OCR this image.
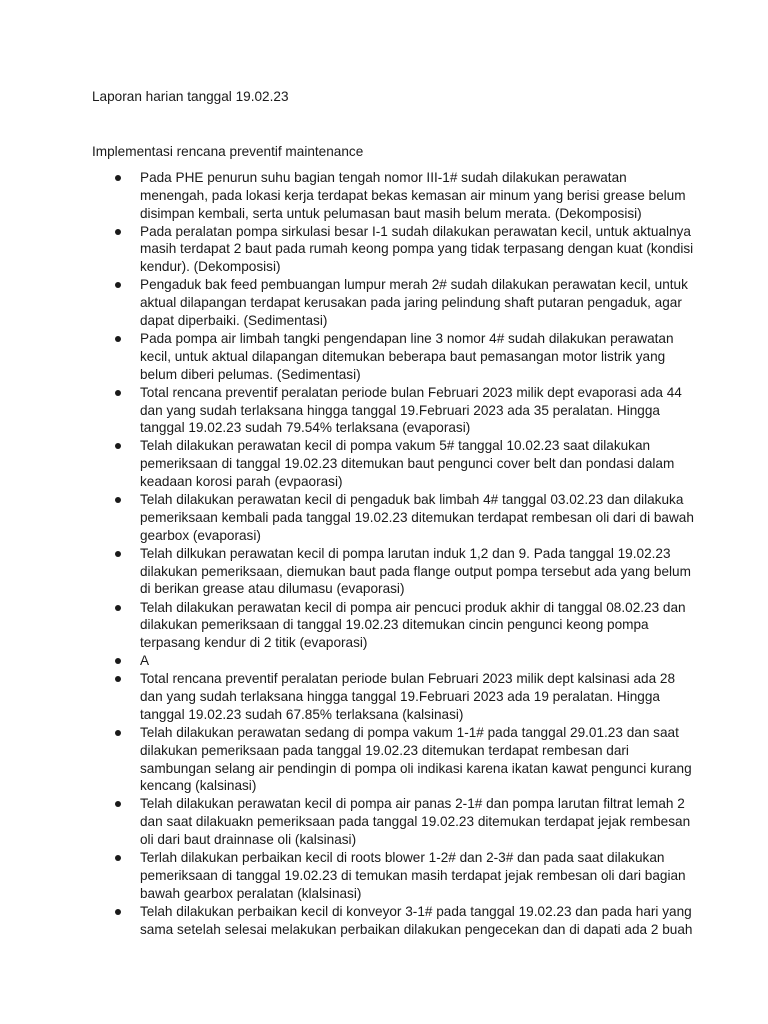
Laporan harian tanggal 19.02.23
Implementasi rencana preventif maintenance
Pada PHE penurun suhu bagian tengah nomor III-1# sudah dilakukan perawatan menengah, pada lokasi kerja terdapat bekas kemasan air minum yang berisi grease belum disimpan kembali, serta untuk pelumasan baut masih belum merata. (Dekomposisi)
Pada peralatan pompa sirkulasi besar I-1 sudah dilakukan perawatan kecil, untuk aktualnya masih terdapat 2 baut pada rumah keong pompa yang tidak terpasang dengan kuat (kondisi kendur). (Dekomposisi)
Pengaduk bak feed pembuangan lumpur merah 2# sudah dilakukan perawatan kecil, untuk aktual dilapangan terdapat kerusakan pada jaring pelindung shaft putaran pengaduk, agar dapat diperbaiki. (Sedimentasi)
Pada pompa air limbah tangki pengendapan line 3 nomor 4# sudah dilakukan perawatan kecil, untuk aktual dilapangan ditemukan beberapa baut pemasangan motor listrik yang belum diberi pelumas. (Sedimentasi)
Total rencana preventif peralatan periode bulan Februari 2023 milik dept evaporasi ada 44 dan yang sudah terlaksana hingga tanggal 19.Februari 2023 ada 35 peralatan. Hingga tanggal 19.02.23 sudah 79.54% terlaksana (evaporasi)
Telah dilakukan perawatan kecil di pompa vakum 5# tanggal 10.02.23 saat dilakukan pemeriksaan di tanggal 19.02.23 ditemukan baut pengunci cover belt dan pondasi dalam keadaan korosi parah (evpaorasi)
Telah dilakukan perawatan kecil di pengaduk bak limbah 4# tanggal 03.02.23 dan dilakuka pemeriksaan kembali pada tanggal 19.02.23 ditemukan terdapat rembesan oli dari di bawah gearbox (evaporasi)
Telah dilkukan perawatan kecil di pompa larutan induk 1,2 dan 9. Pada tanggal 19.02.23 dilakukan pemeriksaan, diemukan baut pada flange output pompa tersebut ada yang belum di berikan grease atau dilumasu (evaporasi)
Telah dilakukan perawatan kecil di pompa air pencuci produk akhir di tanggal 08.02.23 dan dilakukan pemeriksaan di tanggal 19.02.23 ditemukan cincin pengunci keong pompa terpasang kendur di 2 titik (evaporasi)
A
Total rencana preventif peralatan periode bulan Februari 2023 milik dept kalsinasi ada 28 dan yang sudah terlaksana hingga tanggal 19.Februari 2023 ada 19 peralatan. Hingga tanggal 19.02.23 sudah 67.85% terlaksana (kalsinasi)
Telah dilakukan perawatan sedang di pompa vakum 1-1# pada tanggal 29.01.23 dan saat dilakukan pemeriksaan pada tanggal 19.02.23 ditemukan terdapat rembesan dari sambungan selang air pendingin di pompa oli indikasi karena ikatan kawat pengunci kurang kencang (kalsinasi)
Telah dilakukan perawatan kecil di pompa air panas 2-1# dan pompa larutan filtrat lemah 2 dan saat dilakuakn pemeriksaan pada tanggal 19.02.23 ditemukan terdapat jejak rembesan oli dari baut drainnase oli (kalsinasi)
Terlah dilakukan perbaikan kecil di roots blower 1-2# dan 2-3# dan pada saat dilakukan pemeriksaan di tanggal 19.02.23 di temukan masih terdapat jejak rembesan oli dari bagian bawah gearbox peralatan (klalsinasi)
Telah dilakukan perbaikan kecil di konveyor 3-1# pada tanggal 19.02.23 dan pada hari yang sama setelah selesai melakukan perbaikan dilakukan pengecekan dan di dapati ada 2 buah
